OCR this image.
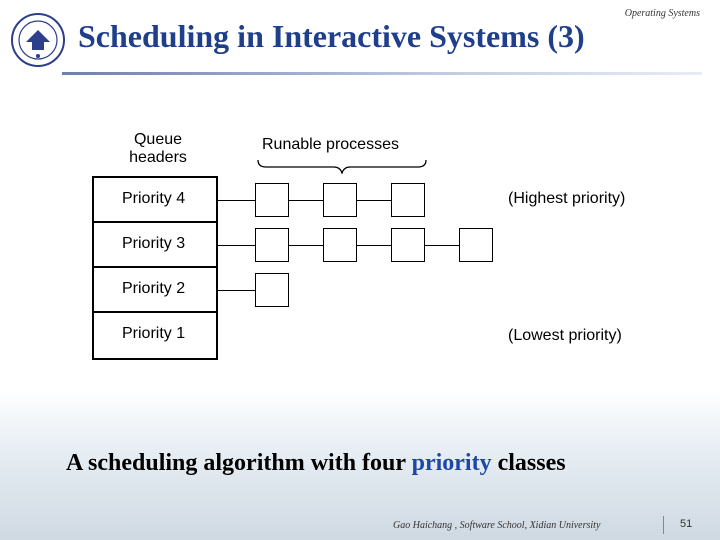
Operating Systems
Scheduling in Interactive Systems (3)
Queue headers
Runable processes
Priority 4
Priority 3
Priority 2
Priority 1
(Highest priority)
(Lowest priority)
A scheduling algorithm with four priority classes
Gao Haichang , Software School, Xidian University	51
